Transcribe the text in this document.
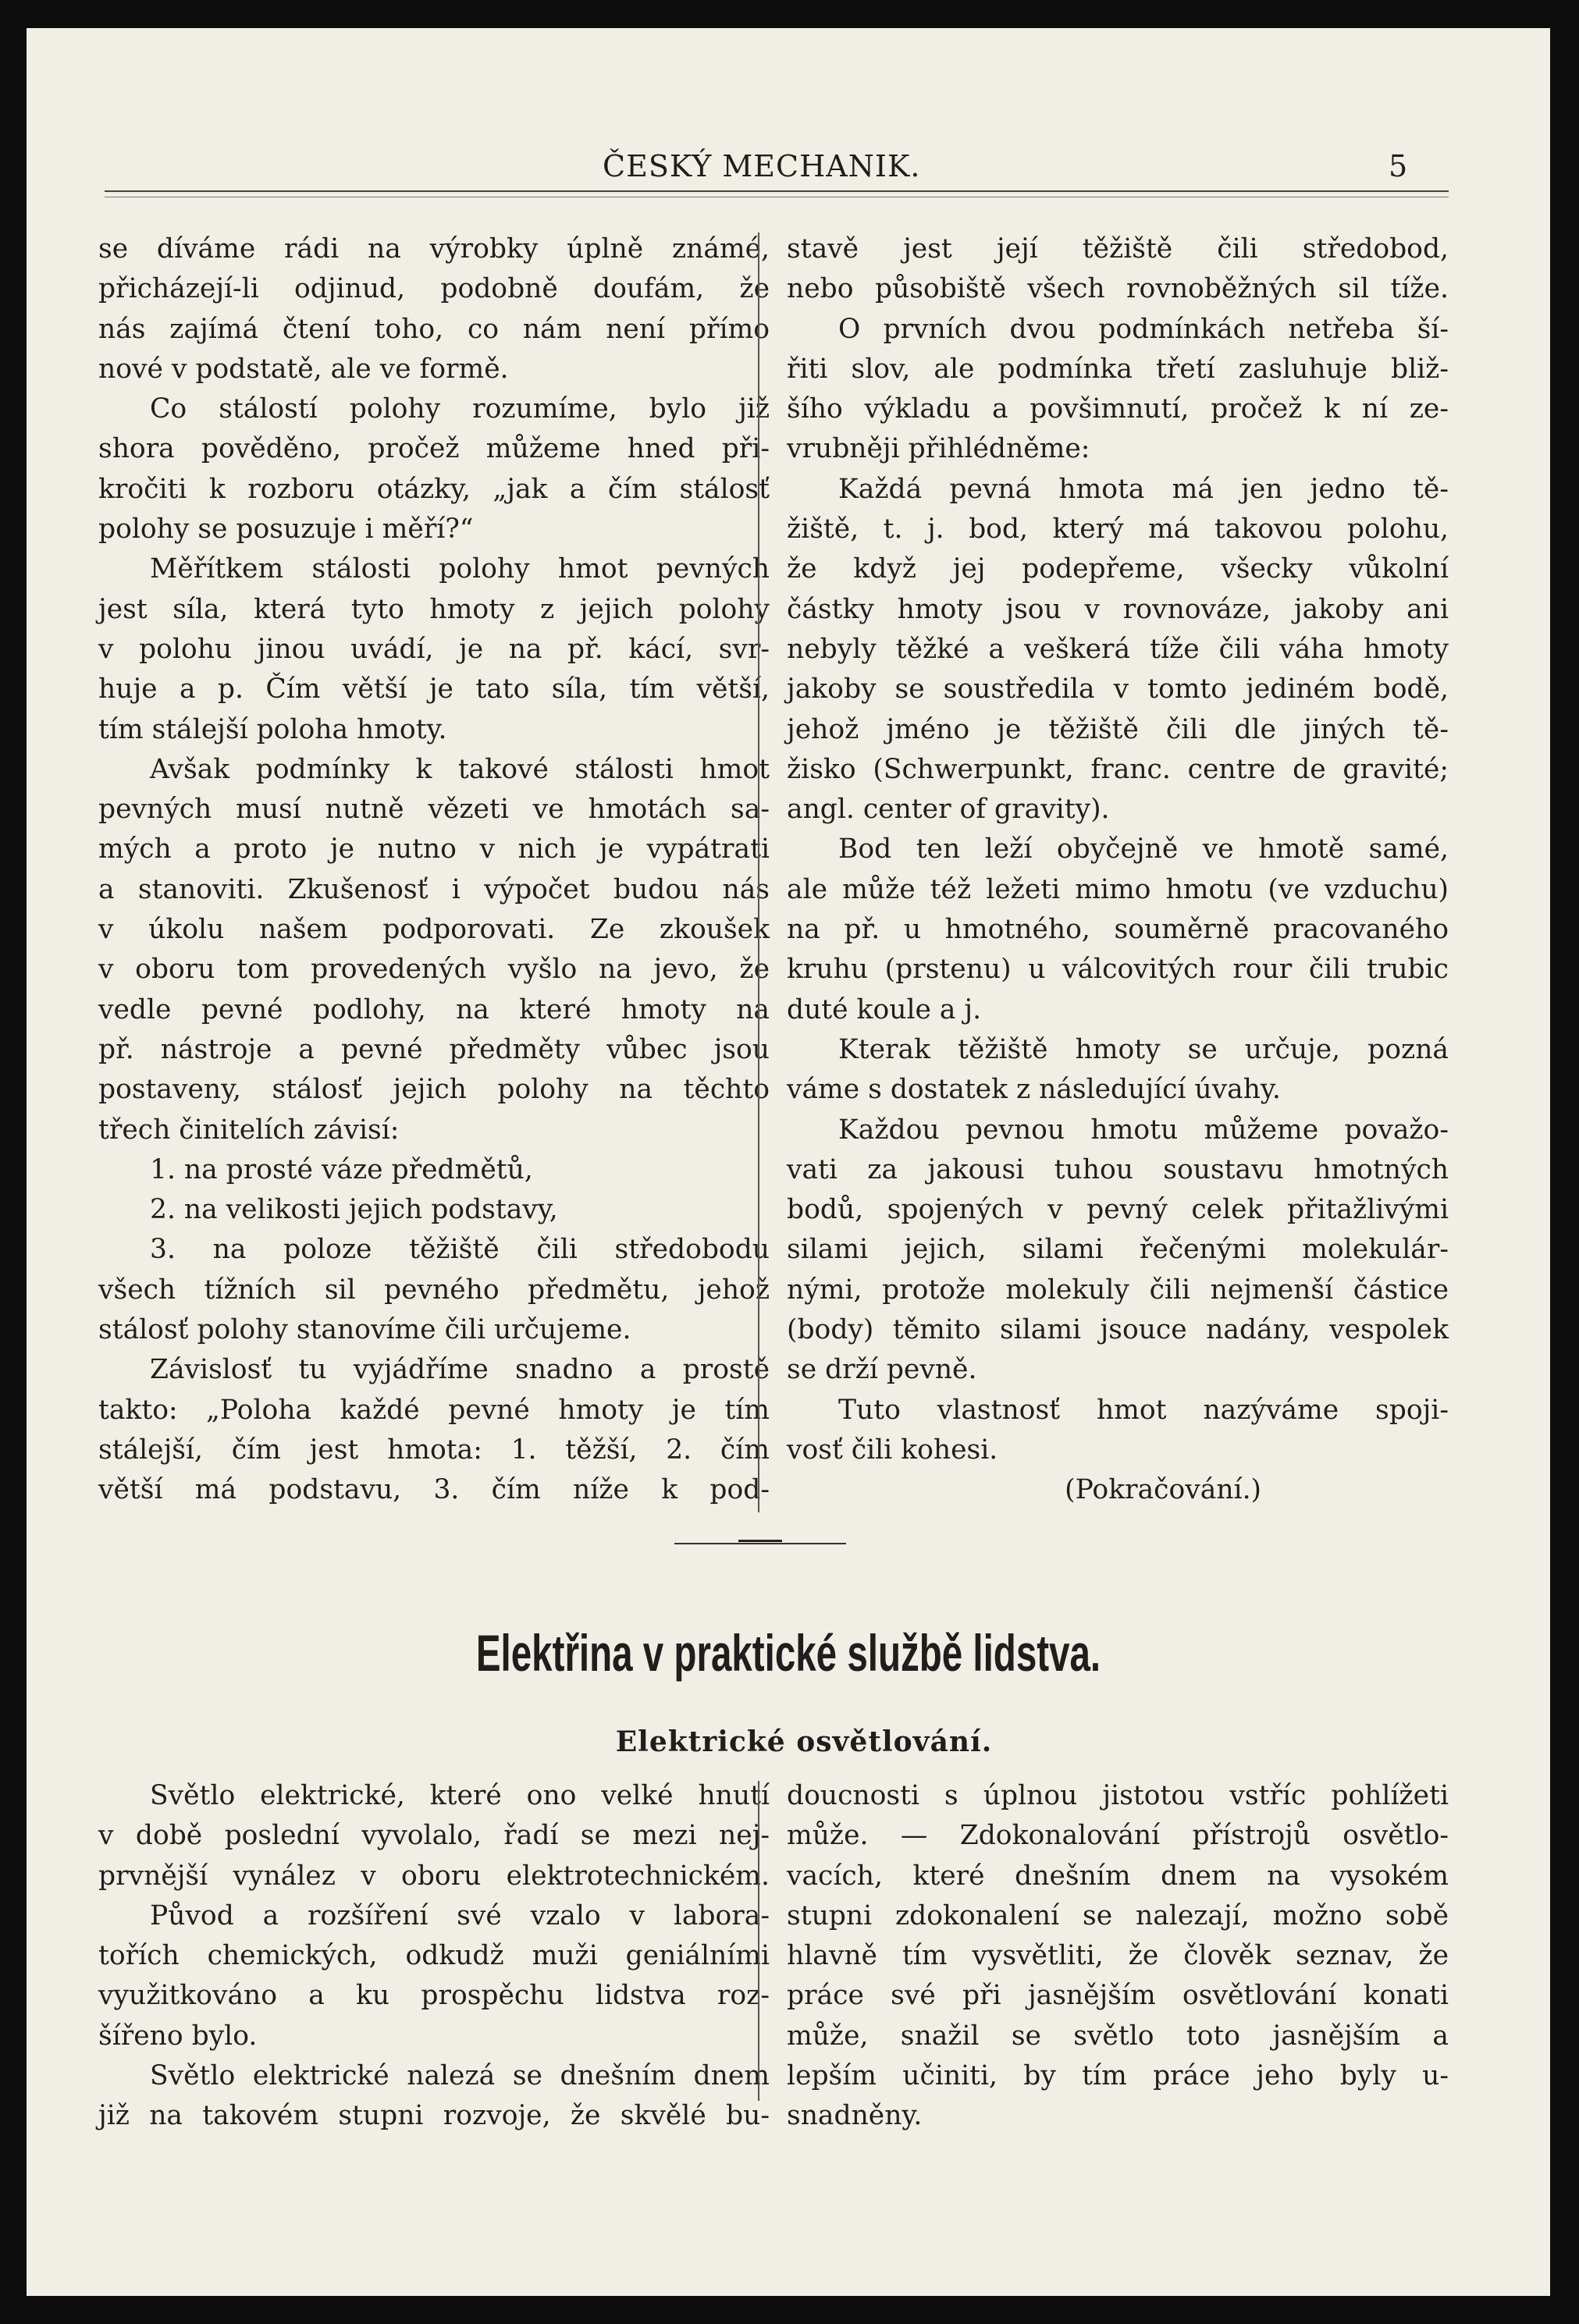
ČESKÝ MECHANIK.	5
se díváme rádi na výrobky úplně známé,
přicházejí-li odjinud, podobně doufám, že
nás zajímá čtení toho, co nám není přímo
nové v podstatě, ale ve formě.
Co stálostí polohy rozumíme, bylo již
shora pověděno, pročež můžeme hned při-
kročiti k rozboru otázky, „jak a čím stálosť
polohy se posuzuje i měří?“
Měřítkem stálosti polohy hmot pevných
jest síla, která tyto hmoty z jejich polohy
v polohu jinou uvádí, je na př. kácí, svr-
huje a p. Čím větší je tato síla, tím větší,
tím stálejší poloha hmoty.
Avšak podmínky k takové stálosti hmot
pevných musí nutně vězeti ve hmotách sa-
mých a proto je nutno v nich je vypátrati
a stanoviti. Zkušenosť i výpočet budou nás
v úkolu našem podporovati. Ze zkoušek
v oboru tom provedených vyšlo na jevo, že
vedle pevné podlohy, na které hmoty na
př. nástroje a pevné předměty vůbec jsou
postaveny, stálosť jejich polohy na těchto
třech činitelích závisí:
1. na prosté váze předmětů,
2. na velikosti jejich podstavy,
3. na poloze těžiště čili středobodu
všech tížních sil pevného předmětu, jehož
stálosť polohy stanovíme čili určujeme.
Závislosť tu vyjádříme snadno a prostě
takto: „Poloha každé pevné hmoty je tím
stálejší, čím jest hmota: 1. těžší, 2. čím
větší má podstavu, 3. čím níže k pod-
stavě jest její těžiště čili středobod,
nebo působiště všech rovnoběžných sil tíže.
O prvních dvou podmínkách netřeba ší-
řiti slov, ale podmínka třetí zasluhuje bliž-
šího výkladu a povšimnutí, pročež k ní ze-
vrubněji přihlédněme:
Každá pevná hmota má jen jedno tě-
žiště, t. j. bod, který má takovou polohu,
že když jej podepřeme, všecky vůkolní
částky hmoty jsou v rovnováze, jakoby ani
nebyly těžké a veškerá tíže čili váha hmoty
jakoby se soustředila v tomto jediném bodě,
jehož jméno je těžiště čili dle jiných tě-
žisko (Schwerpunkt, franc. centre de gravité;
angl. center of gravity).
Bod ten leží obyčejně ve hmotě samé,
ale může též ležeti mimo hmotu (ve vzduchu)
na př. u hmotného, souměrně pracovaného
kruhu (prstenu) u válcovitých rour čili trubic
duté koule a j.
Kterak těžiště hmoty se určuje, pozná
váme s dostatek z následující úvahy.
Každou pevnou hmotu můžeme považo-
vati za jakousi tuhou soustavu hmotných
bodů, spojených v pevný celek přitažlivými
silami jejich, silami řečenými molekulár-
nými, protože molekuly čili nejmenší částice
(body) těmito silami jsouce nadány, vespolek
se drží pevně.
Tuto vlastnosť hmot nazýváme spoji-
vosť čili kohesi.
(Pokračování.)
Elektřina v praktické službě lidstva.
Elektrické osvětlování.
Světlo elektrické, které ono velké hnutí
v době poslední vyvolalo, řadí se mezi nej-
prvnější vynález v oboru elektrotechnickém.
Původ a rozšíření své vzalo v labora-
tořích chemických, odkudž muži geniálními
využitkováno a ku prospěchu lidstva roz-
šířeno bylo.
Světlo elektrické nalezá se dnešním dnem
již na takovém stupni rozvoje, že skvělé bu-
doucnosti s úplnou jistotou vstříc pohlížeti
může. — Zdokonalování přístrojů osvětlo-
vacích, které dnešním dnem na vysokém
stupni zdokonalení se nalezají, možno sobě
hlavně tím vysvětliti, že člověk seznav, že
práce své při jasnějším osvětlování konati
může, snažil se světlo toto jasnějším a
lepším učiniti, by tím práce jeho byly u-
snadněny.
